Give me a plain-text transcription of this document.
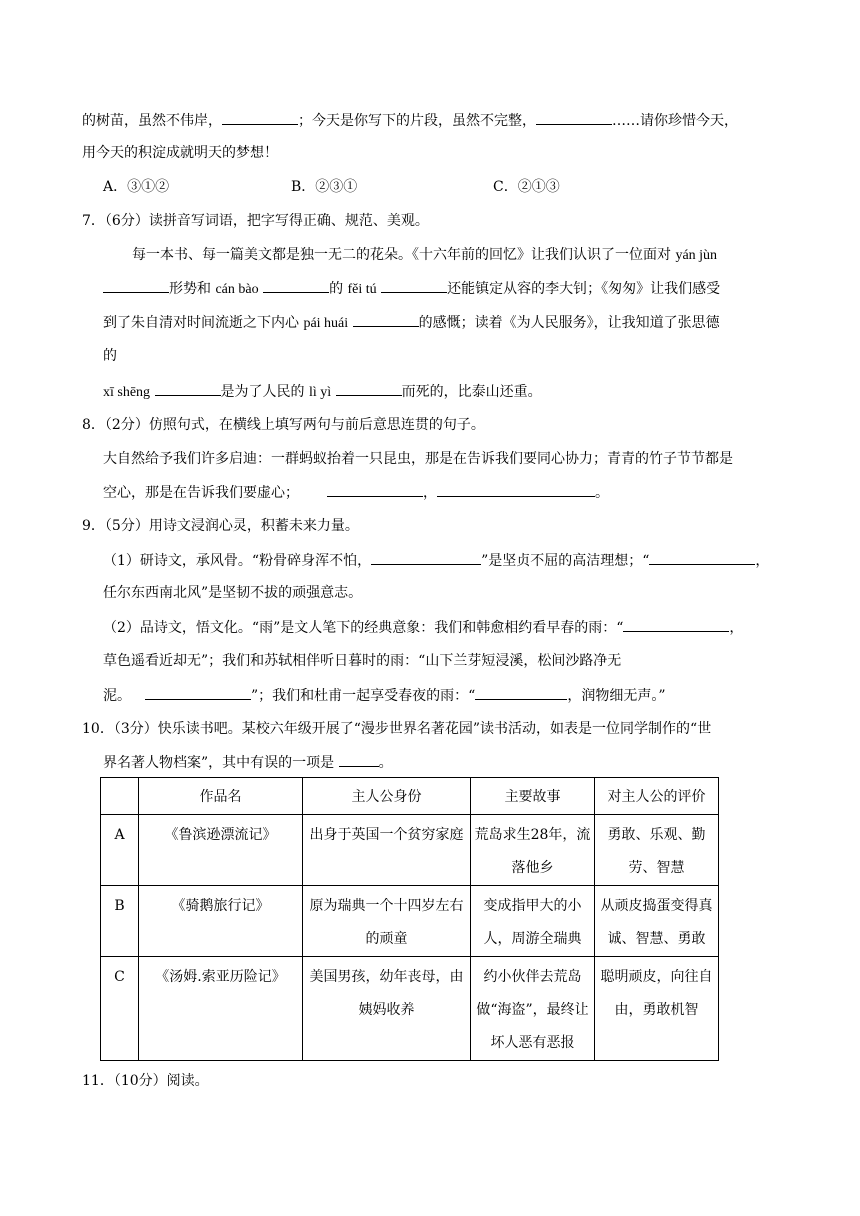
的树苗，虽然不伟岸，	；今天是你写下的片段，虽然不完整，	……请你珍惜今天，
用今天的积淀成就明天的梦想！
A．③①②	B．②③①	C．②①③
7．（6分）读拼音写词语，把字写得正确、规范、美观。
每一本书、每一篇美文都是独一无二的花朵。《十六年前的回忆》让我们认识了一位面对 yán jùn
形势和 cán bào	的 fěi tú	还能镇定从容的李大钊；《匆匆》让我们感受
到了朱自清对时间流逝之下内心 pái huái	的感慨；读着《为人民服务》，让我知道了张思德
的
xī shēng	是为了人民的 lì yì	而死的，比泰山还重。
8．（2分）仿照句式，在横线上填写两句与前后意思连贯的句子。
大自然给予我们许多启迪：一群蚂蚁抬着一只昆虫，那是在告诉我们要同心协力；青青的竹子节节都是
空心，那是在告诉我们要虚心；	，	。
9．（5分）用诗文浸润心灵，积蓄未来力量。
（1）研诗文，承风骨。“粉骨碎身浑不怕，	”是坚贞不屈的高洁理想；“	，
任尔东西南北风”是坚韧不拔的顽强意志。
（2）品诗文，悟文化。“雨”是文人笔下的经典意象：我们和韩愈相约看早春的雨：“	，
草色遥看近却无”；我们和苏轼相伴听日暮时的雨：“山下兰芽短浸溪，松间沙路净无
泥。	”；我们和杜甫一起享受春夜的雨：“	，润物细无声。”
10．（3分）快乐读书吧。某校六年级开展了“漫步世界名著花园”读书活动，如表是一位同学制作的“世
界名著人物档案”，其中有误的一项是	。
	作品名	主人公身份	主要故事	对主人公的评价
A	《鲁滨逊漂流记》	出身于英国一个贫穷家庭	荒岛求生28年，流落他乡	勇敢、乐观、勤劳、智慧
B	《骑鹅旅行记》	原为瑞典一个十四岁左右的顽童	变成指甲大的小人，周游全瑞典	从顽皮捣蛋变得真诚、智慧、勇敢
C	《汤姆.索亚历险记》	美国男孩，幼年丧母，由姨妈收养	约小伙伴去荒岛做“海盗”，最终让坏人恶有恶报	聪明顽皮，向往自由，勇敢机智
11．（10分）阅读。
